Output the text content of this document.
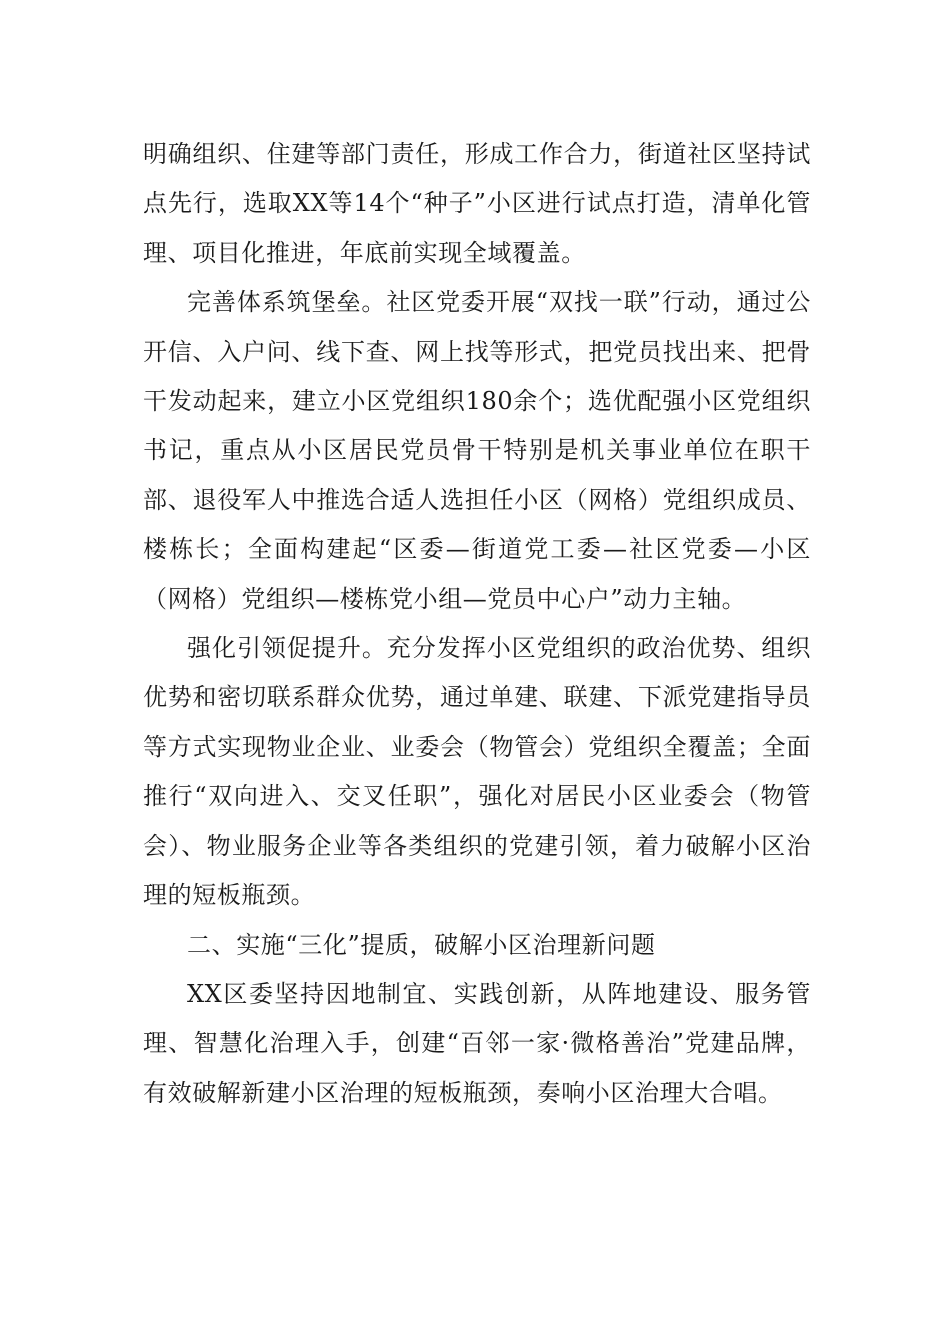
明确组织、住建等部门责任，形成工作合力，街道社区坚持试点先行，选取XX等14个“种子”小区进行试点打造，清单化管理、项目化推进，年底前实现全域覆盖。

完善体系筑堡垒。社区党委开展“双找一联”行动，通过公开信、入户问、线下查、网上找等形式，把党员找出来、把骨干发动起来，建立小区党组织180余个；选优配强小区党组织书记，重点从小区居民党员骨干特别是机关事业单位在职干部、退役军人中推选合适人选担任小区（网格）党组织成员、楼栋长；全面构建起“区委—街道党工委—社区党委—小区（网格）党组织—楼栋党小组—党员中心户”动力主轴。

强化引领促提升。充分发挥小区党组织的政治优势、组织优势和密切联系群众优势，通过单建、联建、下派党建指导员等方式实现物业企业、业委会（物管会）党组织全覆盖；全面推行“双向进入、交叉任职”，强化对居民小区业委会（物管会）、物业服务企业等各类组织的党建引领，着力破解小区治理的短板瓶颈。

二、实施“三化”提质，破解小区治理新问题

XX区委坚持因地制宜、实践创新，从阵地建设、服务管理、智慧化治理入手，创建“百邻一家·微格善治”党建品牌，有效破解新建小区治理的短板瓶颈，奏响小区治理大合唱。
